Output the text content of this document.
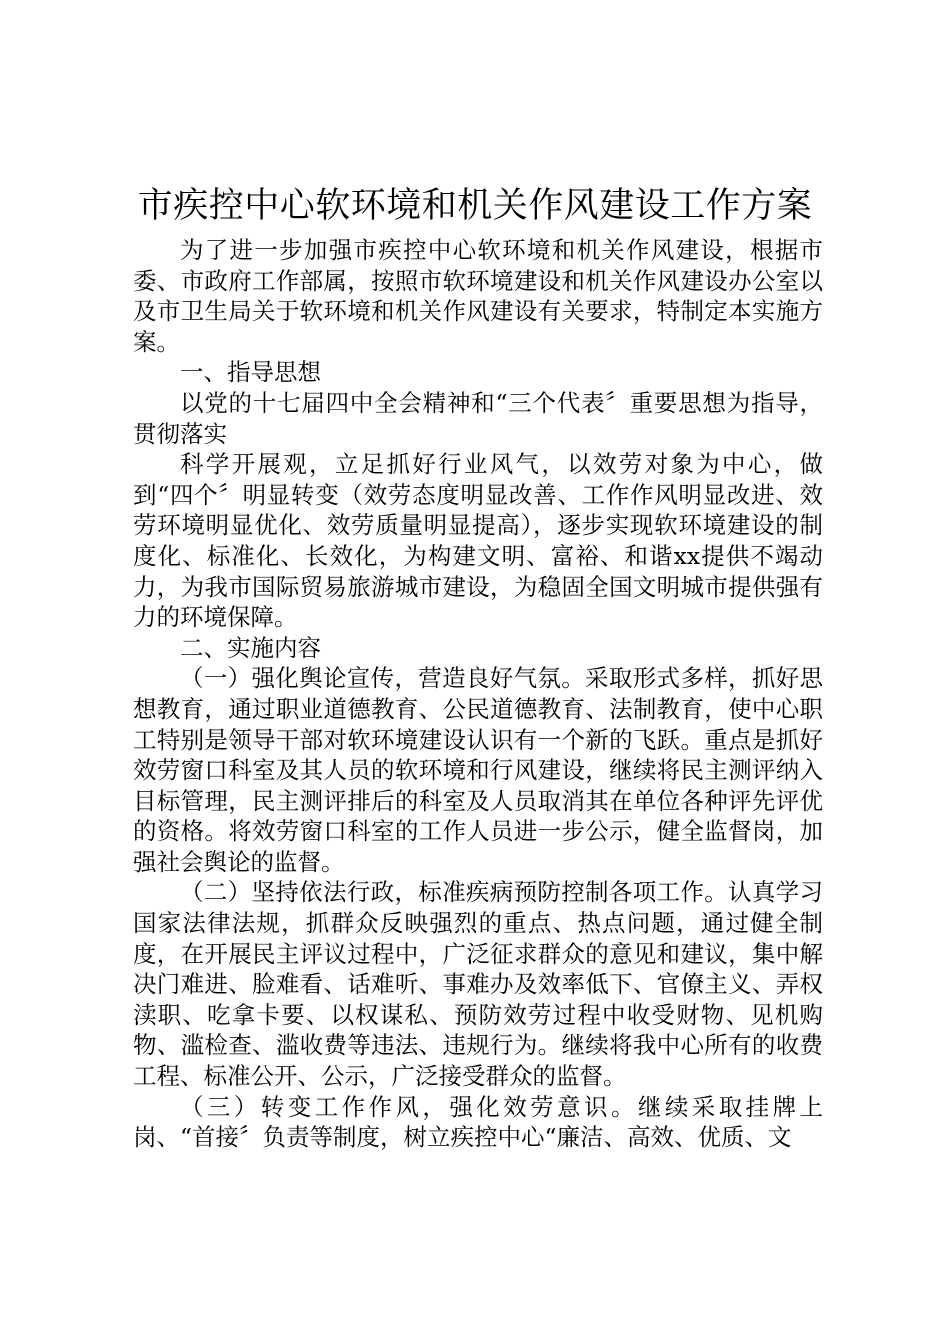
市疾控中心软环境和机关作风建设工作方案

为了进一步加强市疾控中心软环境和机关作风建设，根据市委、市政府工作部属，按照市软环境建设和机关作风建设办公室以及市卫生局关于软环境和机关作风建设有关要求，特制定本实施方案。

一、指导思想

以党的十七届四中全会精神和“三个代表〞重要思想为指导，贯彻落实

科学开展观，立足抓好行业风气，以效劳对象为中心，做到“四个〞明显转变（效劳态度明显改善、工作作风明显改进、效劳环境明显优化、效劳质量明显提高），逐步实现软环境建设的制度化、标准化、长效化，为构建文明、富裕、和谐xx提供不竭动力，为我市国际贸易旅游城市建设，为稳固全国文明城市提供强有力的环境保障。

二、实施内容

（一）强化舆论宣传，营造良好气氛。采取形式多样，抓好思想教育，通过职业道德教育、公民道德教育、法制教育，使中心职工特别是领导干部对软环境建设认识有一个新的飞跃。重点是抓好效劳窗口科室及其人员的软环境和行风建设，继续将民主测评纳入目标管理，民主测评排后的科室及人员取消其在单位各种评先评优的资格。将效劳窗口科室的工作人员进一步公示，健全监督岗，加强社会舆论的监督。

（二）坚持依法行政，标准疾病预防控制各项工作。认真学习国家法律法规，抓群众反映强烈的重点、热点问题，通过健全制度，在开展民主评议过程中，广泛征求群众的意见和建议，集中解决门难进、脸难看、话难听、事难办及效率低下、官僚主义、弄权渎职、吃拿卡要、以权谋私、预防效劳过程中收受财物、见机购物、滥检查、滥收费等违法、违规行为。继续将我中心所有的收费工程、标准公开、公示，广泛接受群众的监督。

（三）转变工作作风，强化效劳意识。继续采取挂牌上岗、“首接〞负责等制度，树立疾控中心“廉洁、高效、优质、文
